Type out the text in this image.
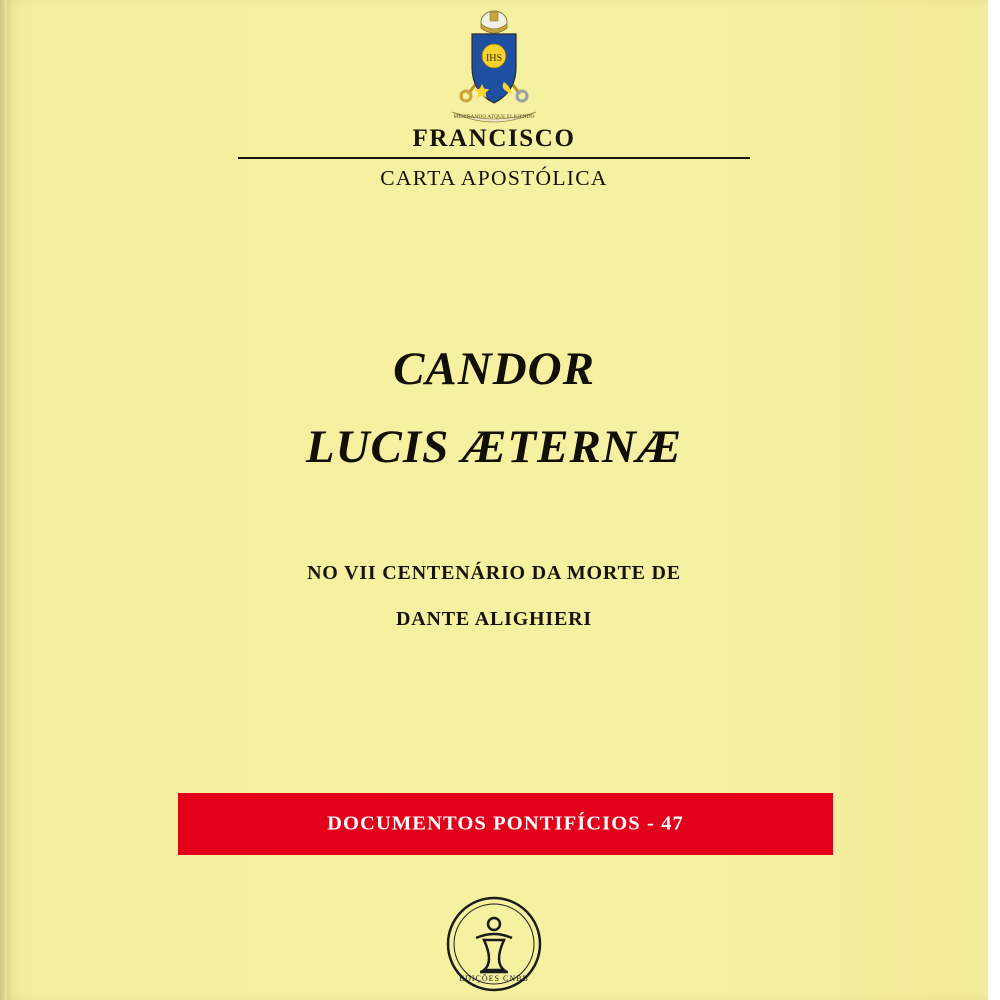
IHS
MISERANDO ATQUE ELIGENDO
FRANCISCO
CARTA APOSTÓLICA
CANDOR
LUCIS ÆTERNÆ
NO VII CENTENÁRIO DA MORTE DE
DANTE ALIGHIERI
DOCUMENTOS PONTIFÍCIOS - 47
EDIÇÕES CNBB
